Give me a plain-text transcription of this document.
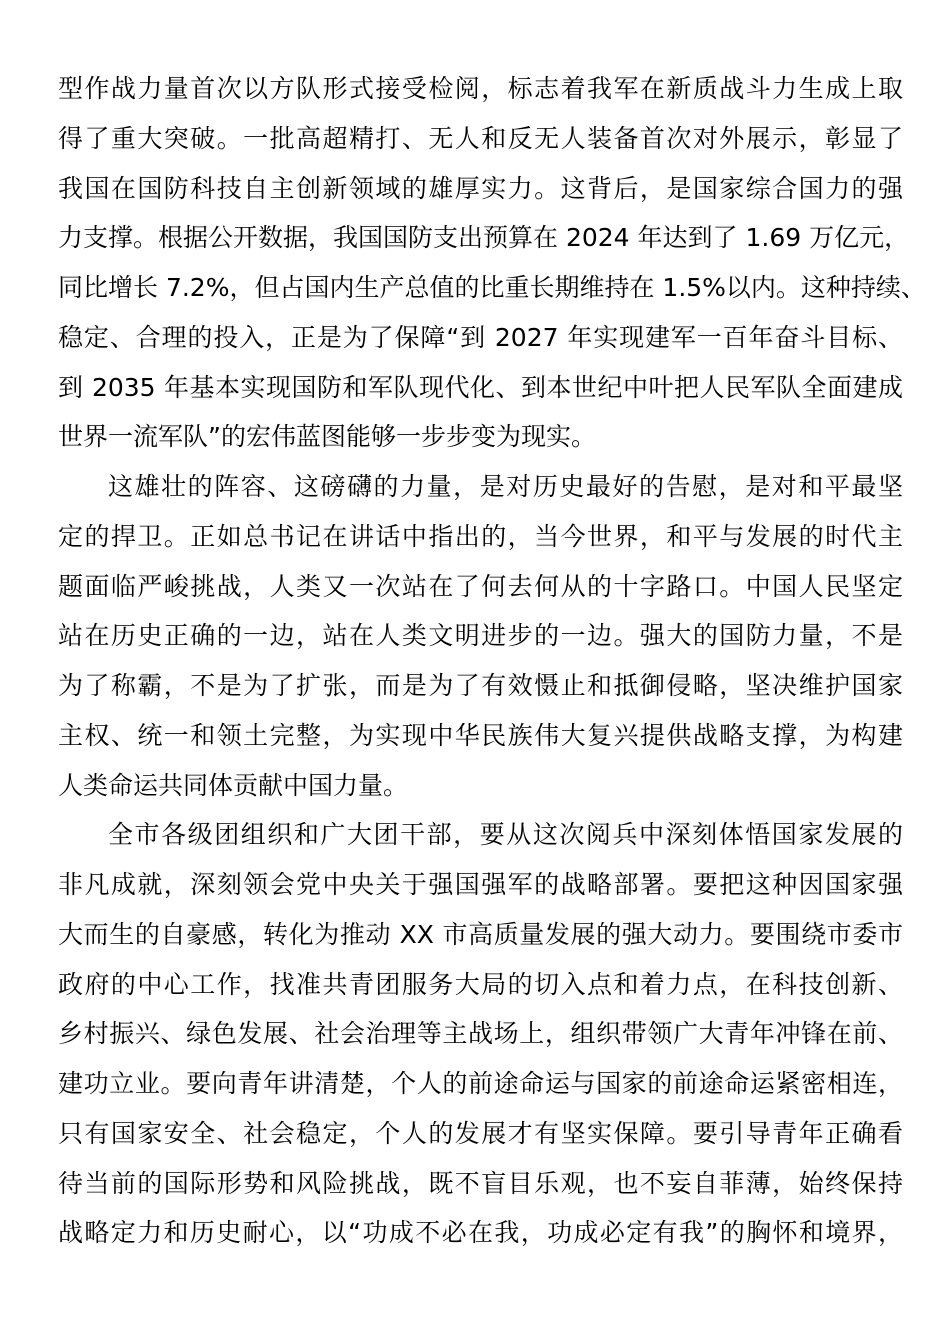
型作战力量首次以方队形式接受检阅，标志着我军在新质战斗力生成上取
得了重大突破。一批高超精打、无人和反无人装备首次对外展示，彰显了
我国在国防科技自主创新领域的雄厚实力。这背后，是国家综合国力的强
力支撑。根据公开数据，我国国防支出预算在 2024 年达到了 1.69 万亿元，
同比增长 7.2%，但占国内生产总值的比重长期维持在 1.5%以内。这种持续、
稳定、合理的投入，正是为了保障“到 2027 年实现建军一百年奋斗目标、
到 2035 年基本实现国防和军队现代化、到本世纪中叶把人民军队全面建成
世界一流军队”的宏伟蓝图能够一步步变为现实。
这雄壮的阵容、这磅礴的力量，是对历史最好的告慰，是对和平最坚
定的捍卫。正如总书记在讲话中指出的，当今世界，和平与发展的时代主
题面临严峻挑战，人类又一次站在了何去何从的十字路口。中国人民坚定
站在历史正确的一边，站在人类文明进步的一边。强大的国防力量，不是
为了称霸，不是为了扩张，而是为了有效慑止和抵御侵略，坚决维护国家
主权、统一和领土完整，为实现中华民族伟大复兴提供战略支撑，为构建
人类命运共同体贡献中国力量。
全市各级团组织和广大团干部，要从这次阅兵中深刻体悟国家发展的
非凡成就，深刻领会党中央关于强国强军的战略部署。要把这种因国家强
大而生的自豪感，转化为推动 XX 市高质量发展的强大动力。要围绕市委市
政府的中心工作，找准共青团服务大局的切入点和着力点，在科技创新、
乡村振兴、绿色发展、社会治理等主战场上，组织带领广大青年冲锋在前、
建功立业。要向青年讲清楚，个人的前途命运与国家的前途命运紧密相连，
只有国家安全、社会稳定，个人的发展才有坚实保障。要引导青年正确看
待当前的国际形势和风险挑战，既不盲目乐观，也不妄自菲薄，始终保持
战略定力和历史耐心，以“功成不必在我，功成必定有我”的胸怀和境界，
